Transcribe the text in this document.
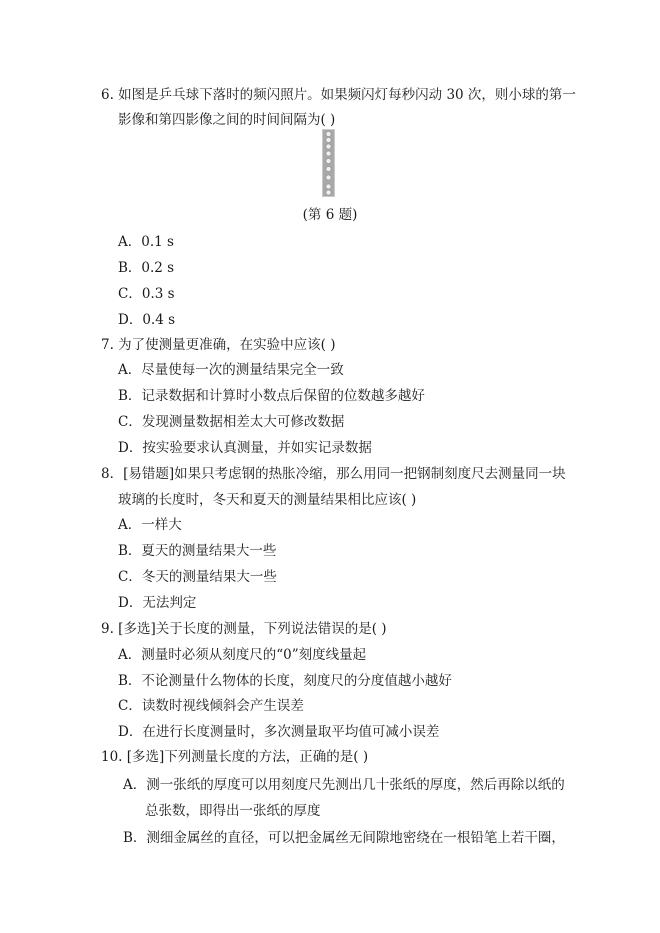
6. 如图是乒乓球下落时的频闪照片。如果频闪灯每秒闪动 30 次，则小球的第一
影像和第四影像之间的时间间隔为( )
(第 6 题)
A．0.1 s
B．0.2 s
C．0.3 s
D．0.4 s
7. 为了使测量更准确，在实验中应该( )
A．尽量使每一次的测量结果完全一致
B．记录数据和计算时小数点后保留的位数越多越好
C．发现测量数据相差太大可修改数据
D．按实验要求认真测量，并如实记录数据
8．[易错题]如果只考虑钢的热胀冷缩，那么用同一把钢制刻度尺去测量同一块
玻璃的长度时，冬天和夏天的测量结果相比应该( )
A．一样大
B．夏天的测量结果大一些
C．冬天的测量结果大一些
D．无法判定
9. [多选]关于长度的测量，下列说法错误的是( )
A．测量时必须从刻度尺的“0”刻度线量起
B．不论测量什么物体的长度，刻度尺的分度值越小越好
C．读数时视线倾斜会产生误差
D．在进行长度测量时，多次测量取平均值可减小误差
10. [多选]下列测量长度的方法，正确的是( )
A．测一张纸的厚度可以用刻度尺先测出几十张纸的厚度，然后再除以纸的
总张数，即得出一张纸的厚度
B．测细金属丝的直径，可以把金属丝无间隙地密绕在一根铅笔上若干圈，
